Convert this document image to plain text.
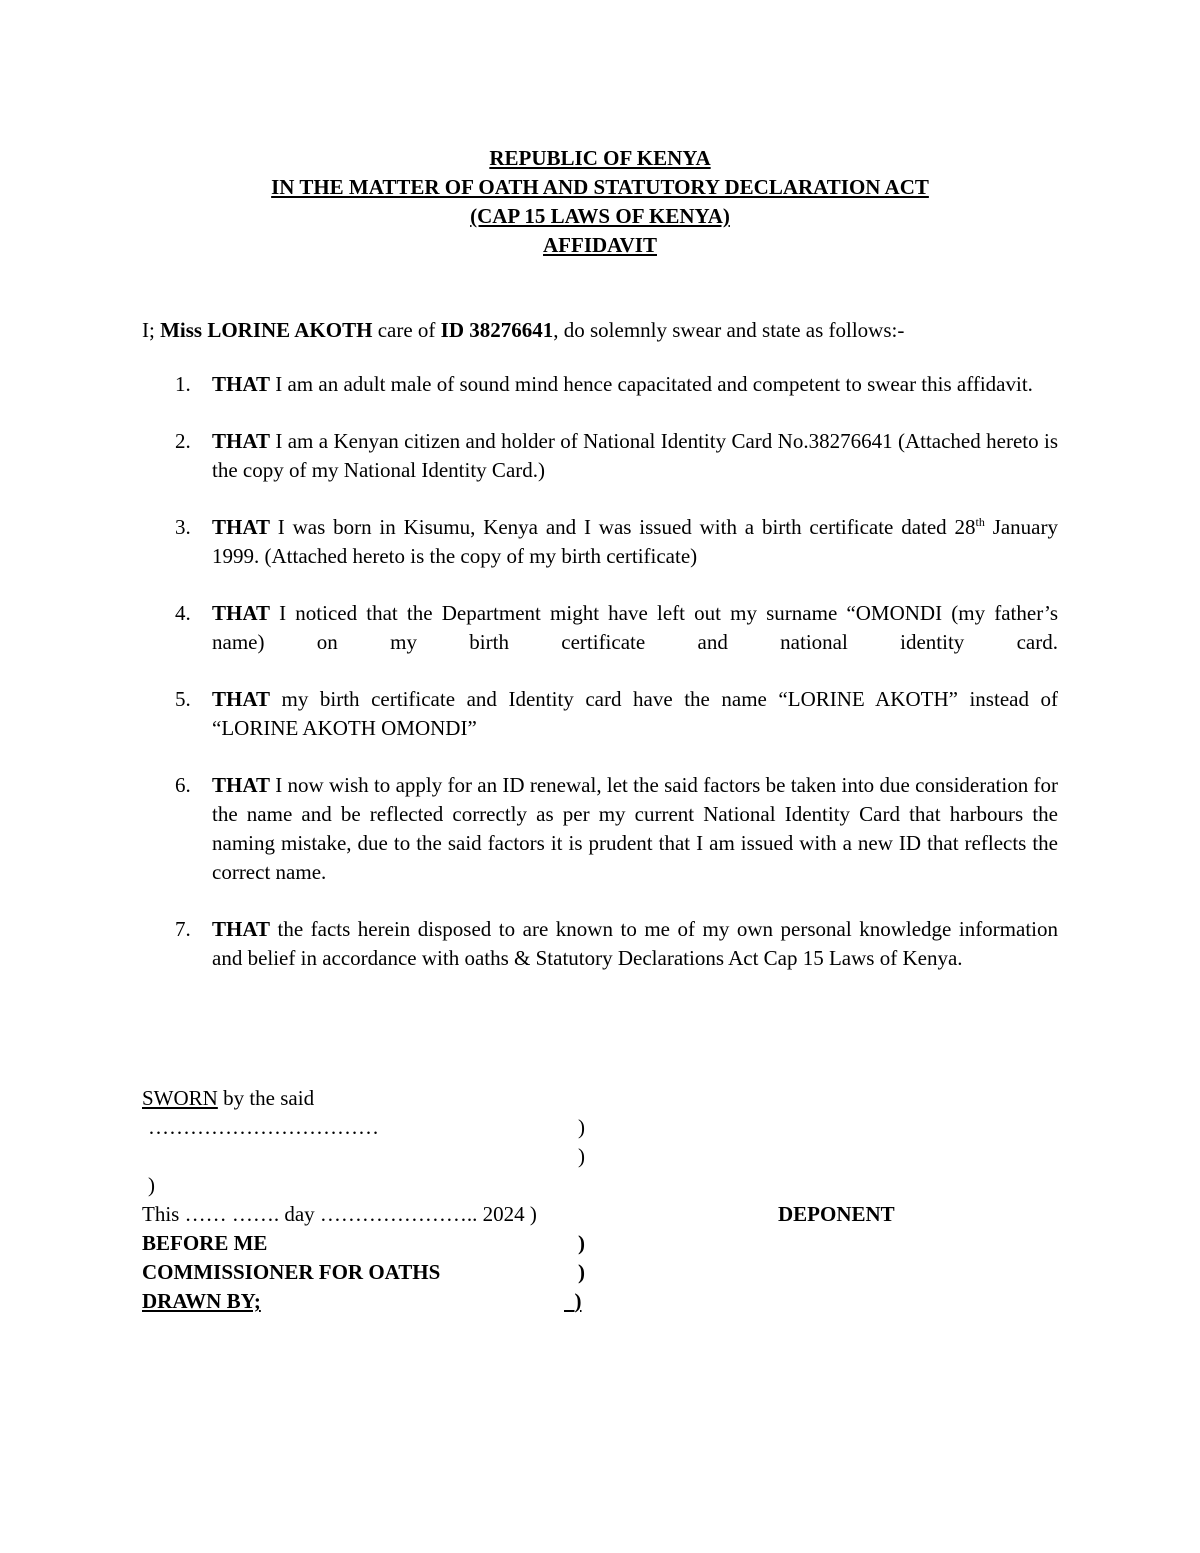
REPUBLIC OF KENYA
IN THE MATTER OF OATH AND STATUTORY DECLARATION ACT
(CAP 15 LAWS OF KENYA)
AFFIDAVIT
I; Miss LORINE AKOTH care of ID 38276641, do solemnly swear and state as follows:-
1. THAT I am an adult male of sound mind hence capacitated and competent to swear this affidavit.
2. THAT I am a Kenyan citizen and holder of National Identity Card No.38276641 (Attached hereto is the copy of my National Identity Card.)
3. THAT I was born in Kisumu, Kenya and I was issued with a birth certificate dated 28th January 1999. (Attached hereto is the copy of my birth certificate)
4. THAT I noticed that the Department might have left out my surname “OMONDI (my father’s name) on my birth certificate and national identity card.
5. THAT my birth certificate and Identity card have the name “LORINE AKOTH” instead of “LORINE AKOTH OMONDI”
6. THAT I now wish to apply for an ID renewal, let the said factors be taken into due consideration for the name and be reflected correctly as per my current National Identity Card that harbours the naming mistake, due to the said factors it is prudent that I am issued with a new ID that reflects the correct name.
7. THAT the facts herein disposed to are known to me of my own personal knowledge information and belief in accordance with oaths & Statutory Declarations Act Cap 15 Laws of Kenya.
SWORN by the said
……………………………	)
)
)
This …… ……. day ………………….. 2024 )	DEPONENT
BEFORE ME	)
COMMISSIONER FOR OATHS	)
DRAWN BY;	)
